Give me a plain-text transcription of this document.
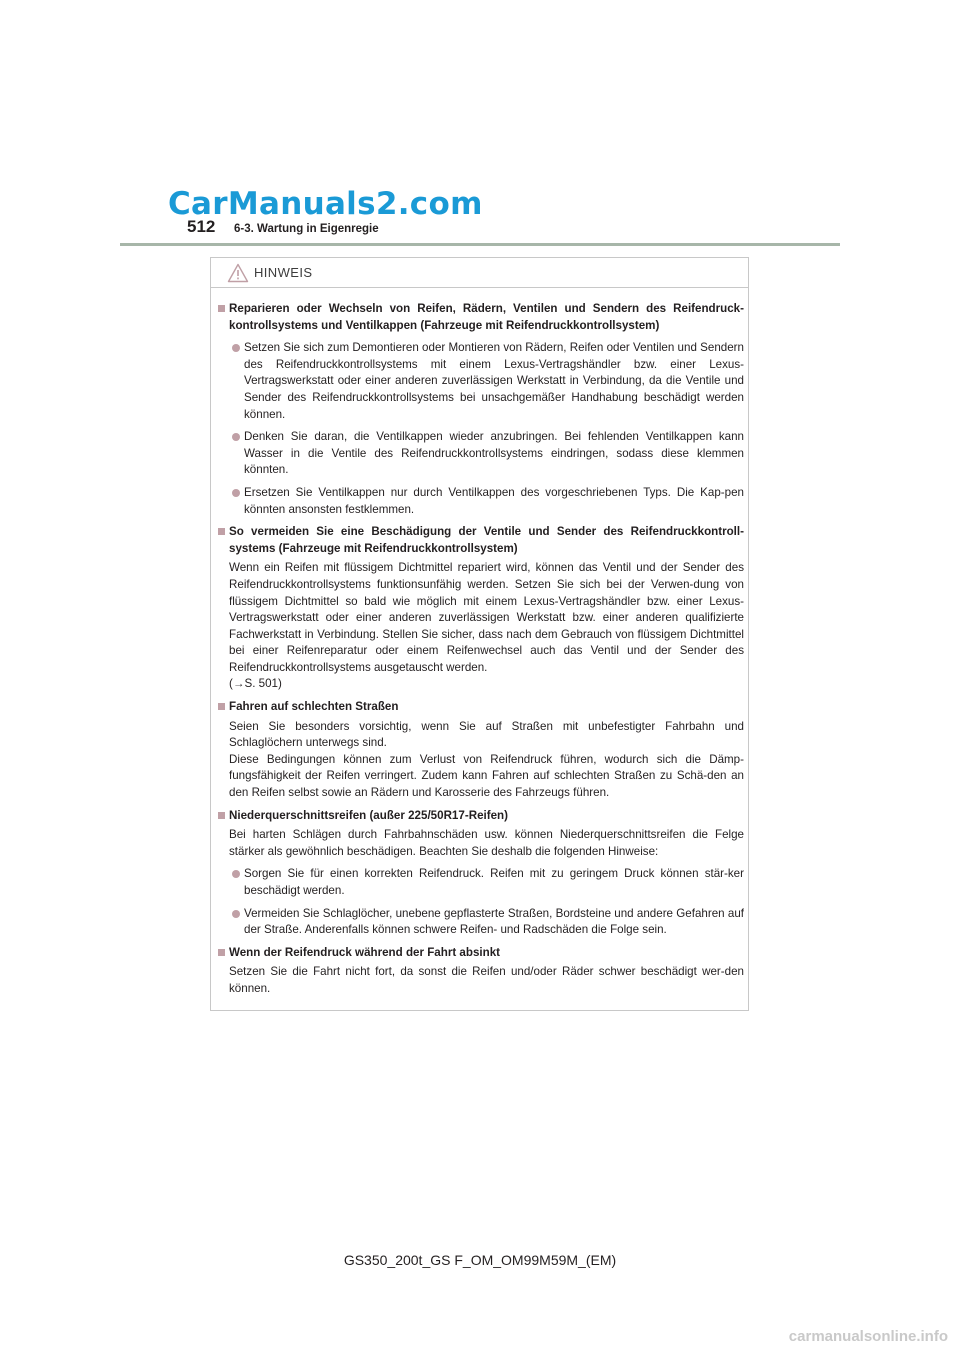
CarManuals2.com
512 6-3. Wartung in Eigenregie
HINWEIS
Reparieren oder Wechseln von Reifen, Rädern, Ventilen und Sendern des Reifendruck-kontrollsystems und Ventilkappen (Fahrzeuge mit Reifendruckkontrollsystem)
Setzen Sie sich zum Demontieren oder Montieren von Rädern, Reifen oder Ventilen und Sendern des Reifendruckkontrollsystems mit einem Lexus-Vertragshändler bzw. einer Lexus-Vertragswerkstatt oder einer anderen zuverlässigen Werkstatt in Verbindung, da die Ventile und Sender des Reifendruckkontrollsystems bei unsachgemäßer Handhabung beschädigt werden können.
Denken Sie daran, die Ventilkappen wieder anzubringen. Bei fehlenden Ventilkappen kann Wasser in die Ventile des Reifendruckkontrollsystems eindringen, sodass diese klemmen könnten.
Ersetzen Sie Ventilkappen nur durch Ventilkappen des vorgeschriebenen Typs. Die Kap-pen könnten ansonsten festklemmen.
So vermeiden Sie eine Beschädigung der Ventile und Sender des Reifendruckkontroll-systems (Fahrzeuge mit Reifendruckkontrollsystem)
Wenn ein Reifen mit flüssigem Dichtmittel repariert wird, können das Ventil und der Sender des Reifendruckkontrollsystems funktionsunfähig werden. Setzen Sie sich bei der Verwen-dung von flüssigem Dichtmittel so bald wie möglich mit einem Lexus-Vertragshändler bzw. einer Lexus-Vertragswerkstatt oder einer anderen zuverlässigen Werkstatt bzw. einer anderen qualifizierte Fachwerkstatt in Verbindung. Stellen Sie sicher, dass nach dem Gebrauch von flüssigem Dichtmittel bei einer Reifenreparatur oder einem Reifenwechsel auch das Ventil und der Sender des Reifendruckkontrollsystems ausgetauscht werden.
(→S. 501)
Fahren auf schlechten Straßen
Seien Sie besonders vorsichtig, wenn Sie auf Straßen mit unbefestigter Fahrbahn und Schlaglöchern unterwegs sind.
Diese Bedingungen können zum Verlust von Reifendruck führen, wodurch sich die Dämp-fungsfähigkeit der Reifen verringert. Zudem kann Fahren auf schlechten Straßen zu Schä-den an den Reifen selbst sowie an Rädern und Karosserie des Fahrzeugs führen.
Niederquerschnittsreifen (außer 225/50R17-Reifen)
Bei harten Schlägen durch Fahrbahnschäden usw. können Niederquerschnittsreifen die Felge stärker als gewöhnlich beschädigen. Beachten Sie deshalb die folgenden Hinweise:
Sorgen Sie für einen korrekten Reifendruck. Reifen mit zu geringem Druck können stär-ker beschädigt werden.
Vermeiden Sie Schlaglöcher, unebene gepflasterte Straßen, Bordsteine und andere Gefahren auf der Straße. Anderenfalls können schwere Reifen- und Radschäden die Folge sein.
Wenn der Reifendruck während der Fahrt absinkt
Setzen Sie die Fahrt nicht fort, da sonst die Reifen und/oder Räder schwer beschädigt wer-den können.
GS350_200t_GS F_OM_OM99M59M_(EM)
carmanualsonline.info
